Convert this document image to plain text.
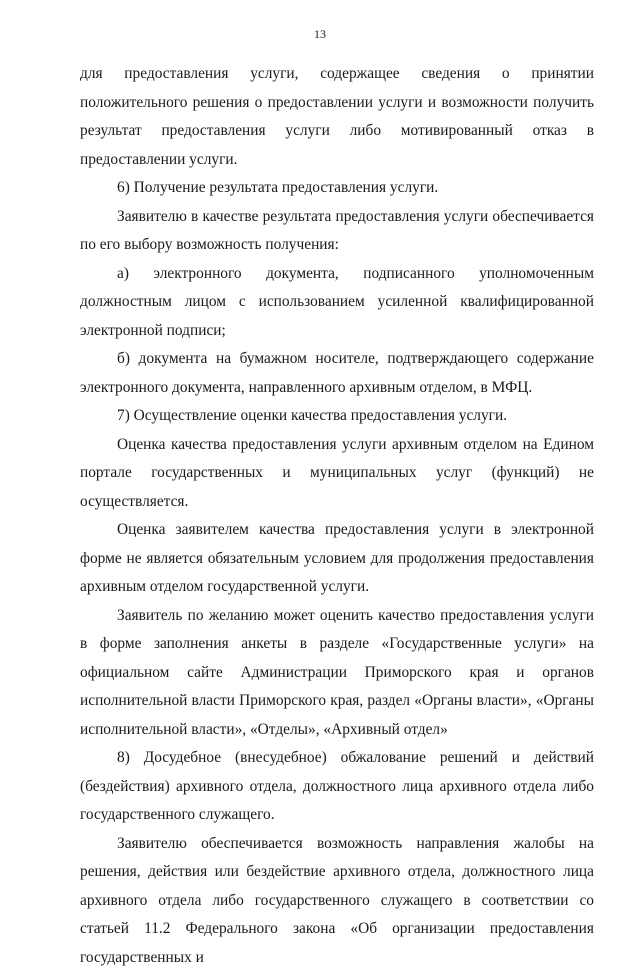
13

для предоставления услуги, содержащее сведения о принятии положительного решения о предоставлении услуги и возможности получить результат предоставления услуги либо мотивированный отказ в предоставлении услуги.

6) Получение результата предоставления услуги.

Заявителю в качестве результата предоставления услуги обеспечивается по его выбору возможность получения:

а) электронного документа, подписанного уполномоченным должностным лицом с использованием усиленной квалифицированной электронной подписи;

б) документа на бумажном носителе, подтверждающего содержание электронного документа, направленного архивным отделом, в МФЦ.

7) Осуществление оценки качества предоставления услуги.

Оценка качества предоставления услуги архивным отделом на Едином портале государственных и муниципальных услуг (функций) не осуществляется.

Оценка заявителем качества предоставления услуги в электронной форме не является обязательным условием для продолжения предоставления архивным отделом государственной услуги.

Заявитель по желанию может оценить качество предоставления услуги в форме заполнения анкеты в разделе «Государственные услуги» на официальном сайте Администрации Приморского края и органов исполнительной власти Приморского края, раздел «Органы власти», «Органы исполнительной власти», «Отделы», «Архивный отдел»

8) Досудебное (внесудебное) обжалование решений и действий (бездействия) архивного отдела, должностного лица архивного отдела либо государственного служащего.

Заявителю обеспечивается возможность направления жалобы на решения, действия или бездействие архивного отдела, должностного лица архивного отдела либо государственного служащего в соответствии со статьей 11.2 Федерального закона «Об организации предоставления государственных и
